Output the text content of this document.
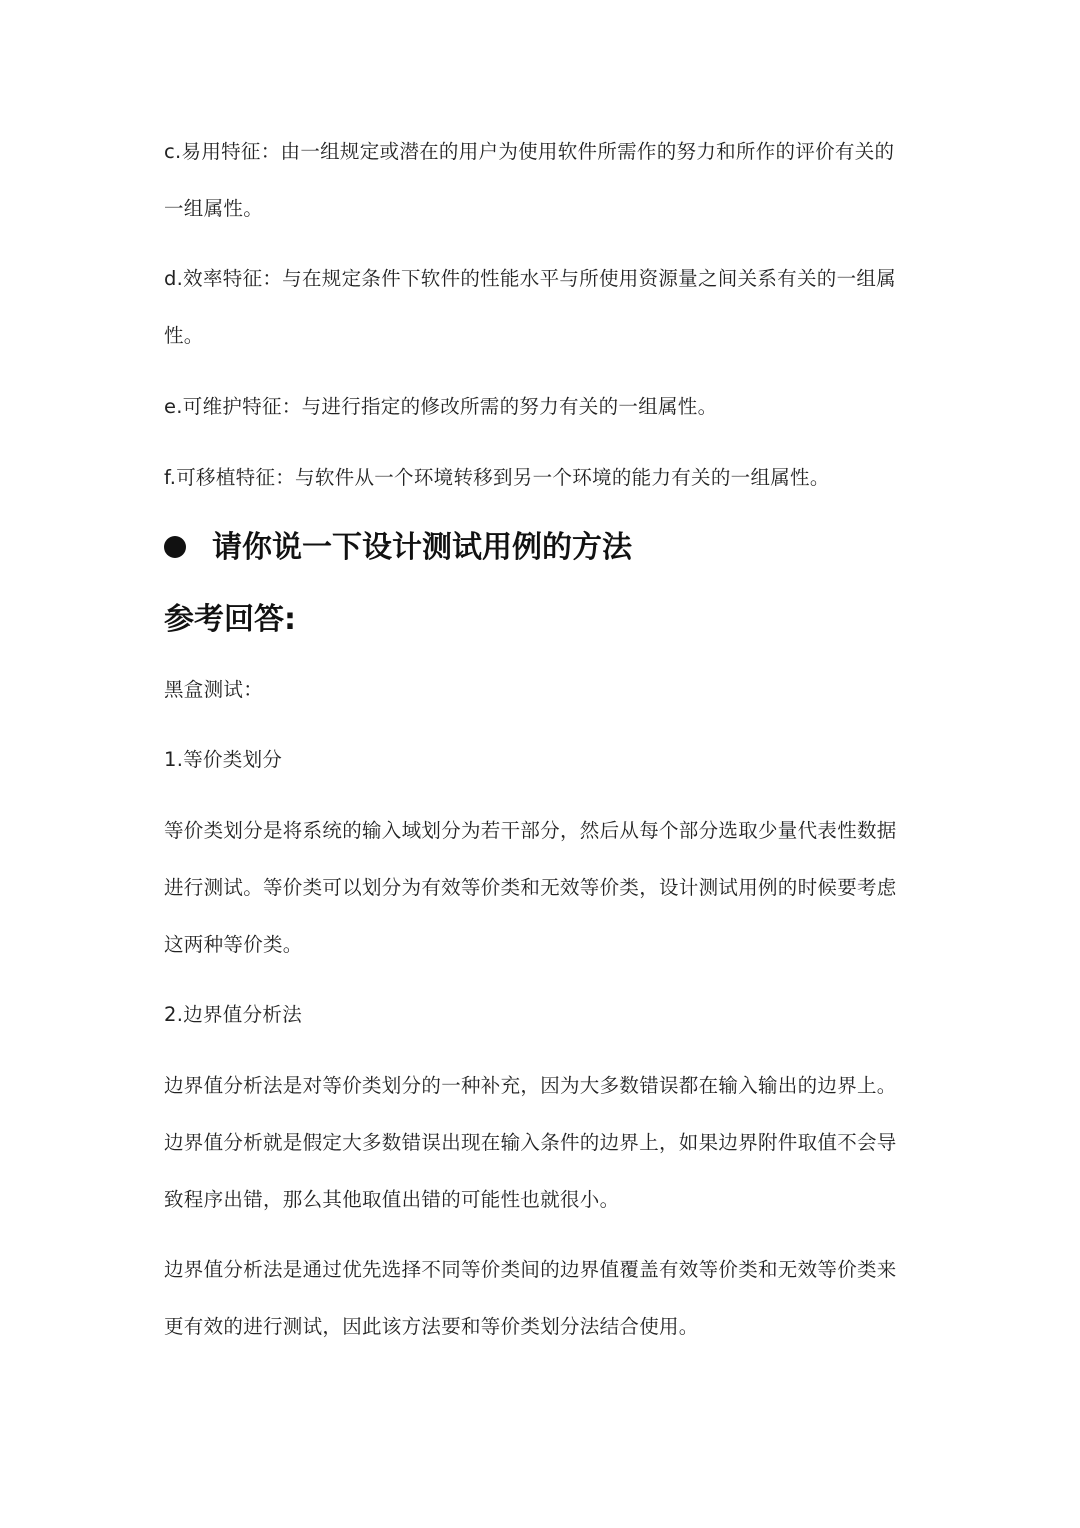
c.易用特征：由一组规定或潜在的用户为使用软件所需作的努力和所作的评价有关的一组属性。

d.效率特征：与在规定条件下软件的性能水平与所使用资源量之间关系有关的一组属性。

e.可维护特征：与进行指定的修改所需的努力有关的一组属性。

f.可移植特征：与软件从一个环境转移到另一个环境的能力有关的一组属性。

请你说一下设计测试用例的方法
参考回答:

黑盒测试：

1.等价类划分

等价类划分是将系统的输入域划分为若干部分，然后从每个部分选取少量代表性数据进行测试。等价类可以划分为有效等价类和无效等价类，设计测试用例的时候要考虑这两种等价类。

2.边界值分析法

边界值分析法是对等价类划分的一种补充，因为大多数错误都在输入输出的边界上。边界值分析就是假定大多数错误出现在输入条件的边界上，如果边界附件取值不会导致程序出错，那么其他取值出错的可能性也就很小。

边界值分析法是通过优先选择不同等价类间的边界值覆盖有效等价类和无效等价类来更有效的进行测试，因此该方法要和等价类划分法结合使用。
